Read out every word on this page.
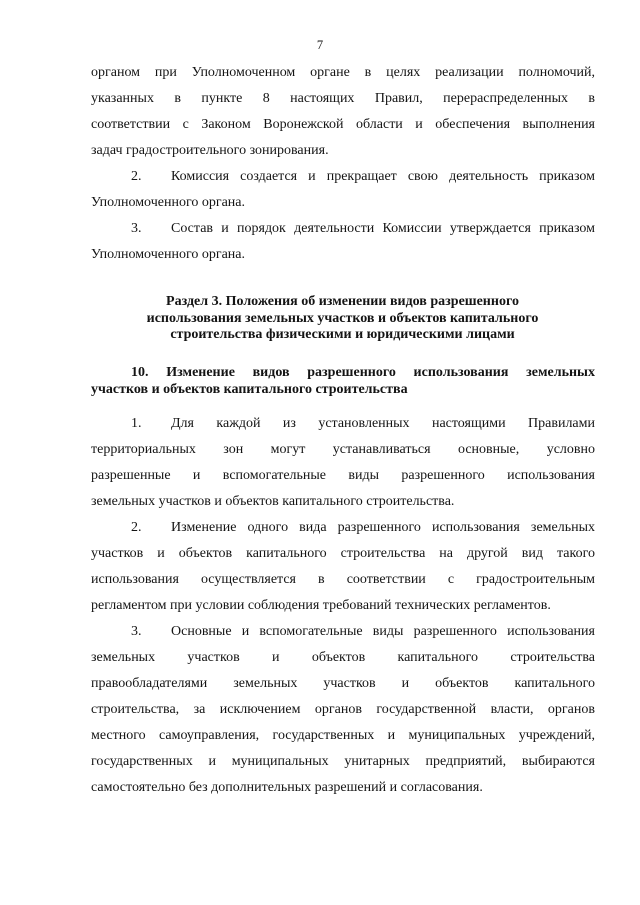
7
органом при Уполномоченном органе в целях реализации полномочий,
указанных в пункте 8 настоящих Правил, перераспределенных в
соответствии с Законом Воронежской области и обеспечения выполнения
задач градостроительного зонирования.
2. Комиссия создается и прекращает свою деятельность приказом
Уполномоченного органа.
3. Состав и порядок деятельности Комиссии утверждается приказом
Уполномоченного органа.
Раздел 3. Положения об изменении видов разрешенного
использования земельных участков и объектов капитального
строительства физическими и юридическими лицами
10. Изменение видов разрешенного использования земельных
участков и объектов капитального строительства
1. Для каждой из установленных настоящими Правилами
территориальных зон могут устанавливаться основные, условно
разрешенные и вспомогательные виды разрешенного использования
земельных участков и объектов капитального строительства.
2. Изменение одного вида разрешенного использования земельных
участков и объектов капитального строительства на другой вид такого
использования осуществляется в соответствии с градостроительным
регламентом при условии соблюдения требований технических регламентов.
3. Основные и вспомогательные виды разрешенного использования
земельных участков и объектов капитального строительства
правообладателями земельных участков и объектов капитального
строительства, за исключением органов государственной власти, органов
местного самоуправления, государственных и муниципальных учреждений,
государственных и муниципальных унитарных предприятий, выбираются
самостоятельно без дополнительных разрешений и согласования.
